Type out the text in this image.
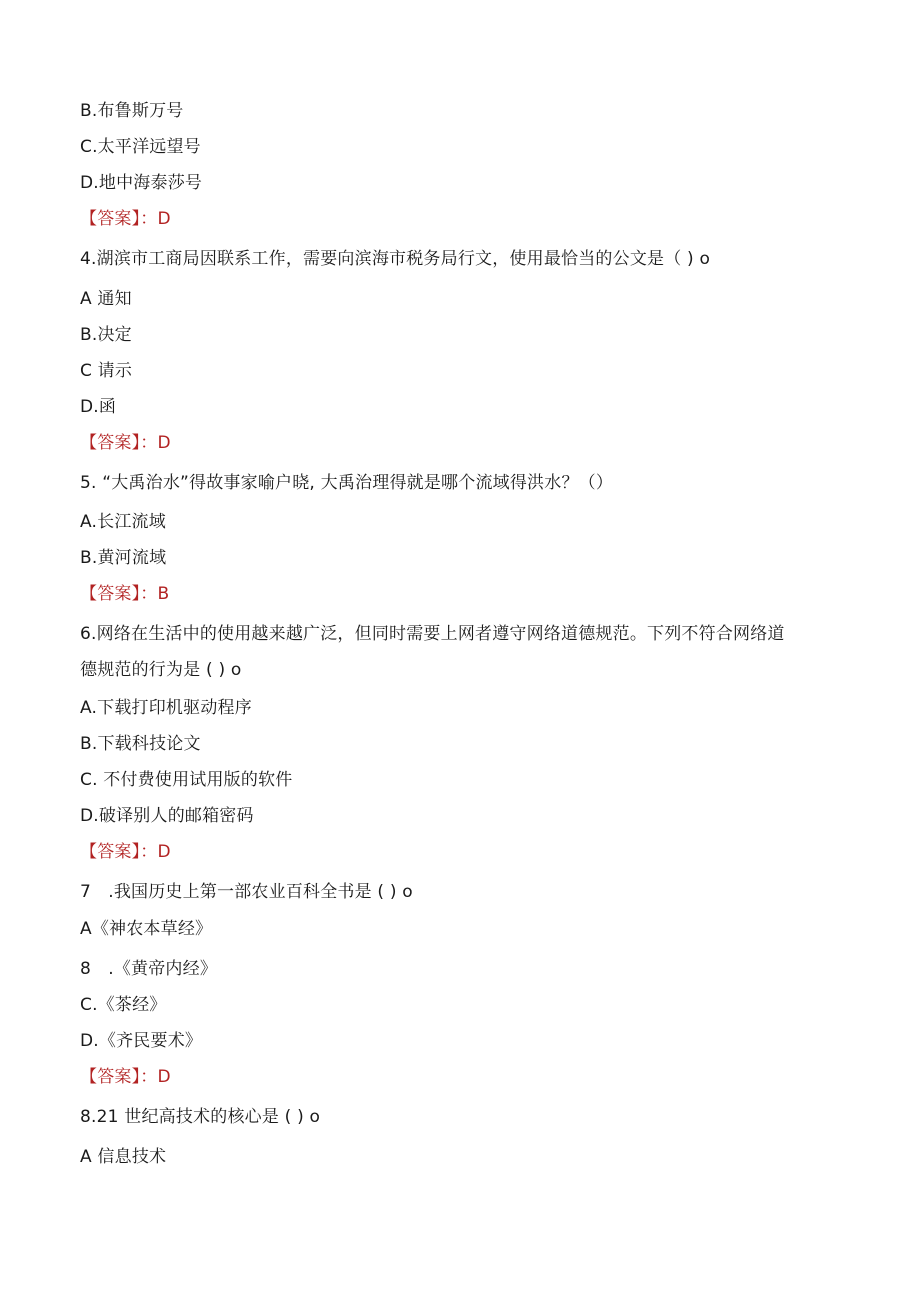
B.布鲁斯万号
C.太平洋远望号
D.地中海泰莎号
【答案】：D
4.湖滨市工商局因联系工作，需要向滨海市税务局行文，使用最恰当的公文是（ ) o
A 通知
B.决定
C 请示
D.函
【答案】：D
5. “大禹治水”得故事家喻户晓, 大禹治理得就是哪个流域得洪水？（）
A.长江流域
B.黄河流域
【答案】：B
6.网络在生活中的使用越来越广泛，但同时需要上网者遵守网络道德规范。下列不符合网络道
德规范的行为是 ( ) o
A.下载打印机驱动程序
B.下载科技论文
C. 不付费使用试用版的软件
D.破译别人的邮箱密码
【答案】：D
7　.我国历史上第一部农业百科全书是 ( ) o
A《神农本草经》
8　.《黄帝内经》
C.《茶经》
D.《齐民要术》
【答案】：D
8.21 世纪高技术的核心是 ( ) o
A 信息技术
